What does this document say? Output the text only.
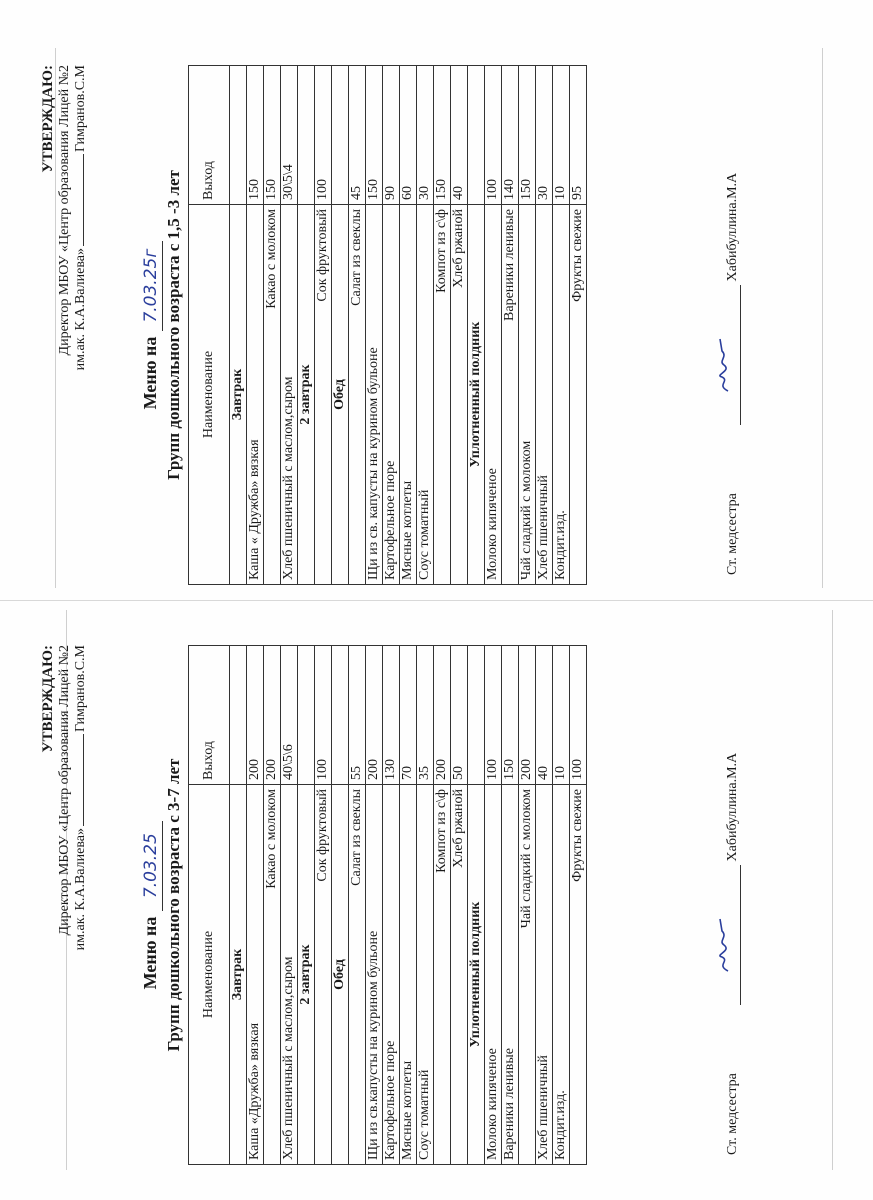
УТВЕРЖДАЮ: Директор МБОУ «Центр образования Лицей №2 им.ак. К.А.Валиева»Гимранов.С.М
Меню на7.03.25г Групп дошкольного возраста с 1,5 -3 лет Наименование	Выход
Завтрак	
Каша « Дружба» вязкая	150
Какао с молоком	150
Хлеб пшеничный с маслом,сыром	30\5\4
2 завтрак	
Сок фруктовый	100
Обед	
Салат из свеклы	45
Щи из св. капусты на курином бульоне	150
Картофельное пюре	90
Мясные котлеты	60
Соус томатный	30
Компот из с\ф	150
Хлеб ржаной	40
Уплотненный полдник	
Молоко кипяченое	100
Вареники ленивые	140
Чай сладкий с молоком	150
Хлеб пшеничный	30
Кондит.изд.	10
Фрукты свежие	95
Ст. медсестра
Хабибуллина.М.А
УТВЕРЖДАЮ: Директор МБОУ «Центр образования Лицей №2 им.ак. К.А.Валиева»Гимранов.С.М
Меню на7.03.25 Групп дошкольного возраста с 3-7 лет Наименование	Выход
Завтрак	
Каша «Дружба» вязкая	200
Какао с молоком	200
Хлеб пшеничный с маслом,сыром	40\5\6
2 завтрак	
Сок фруктовый	100
Обед	
Салат из свеклы	55
Щи из св.капусты на курином бульоне	200
Картофельное пюре	130
Мясные котлеты	70
Соус томатный	35
Компот из с\ф	200
Хлеб ржаной	50
Уплотненный полдник	
Молоко кипяченое	100
Вареники ленивые	150
Чай сладкий с молоком	200
Хлеб пшеничный	40
Кондит.изд.	10
Фрукты свежие	100
Ст. медсестра
Хабибуллина.М.А
